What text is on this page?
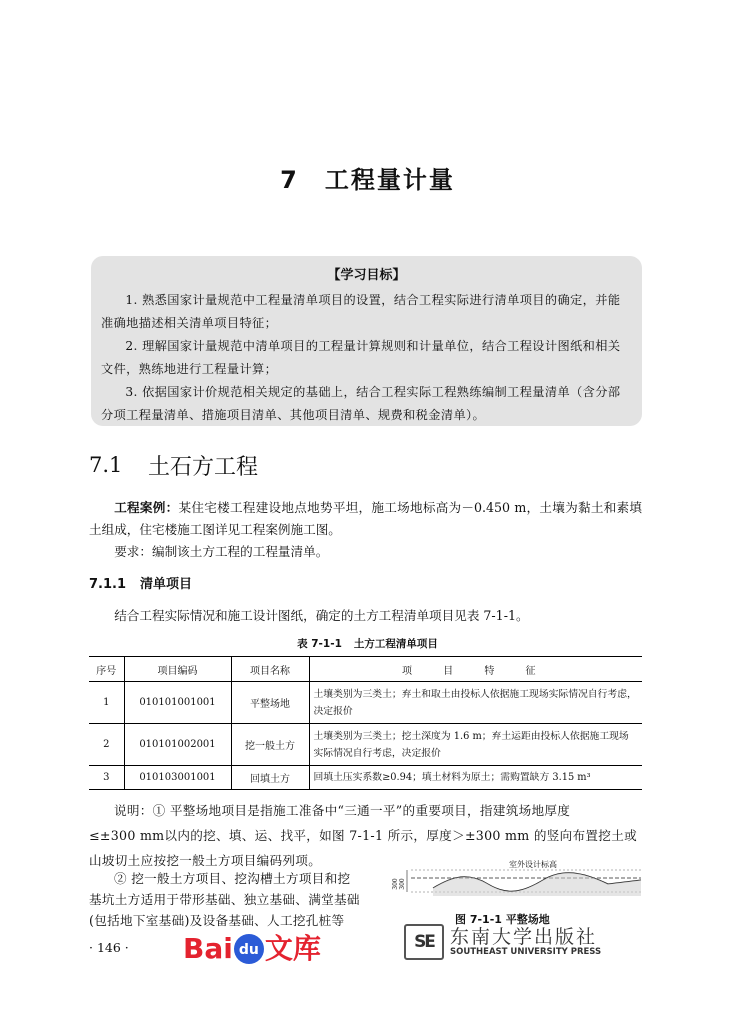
7 工程量计量
【学习目标】
1. 熟悉国家计量规范中工程量清单项目的设置，结合工程实际进行清单项目的确定，并能准确地描述相关清单项目特征；
2. 理解国家计量规范中清单项目的工程量计算规则和计量单位，结合工程设计图纸和相关文件，熟练地进行工程量计算；
3. 依据国家计价规范相关规定的基础上，结合工程实际工程熟练编制工程量清单（含分部分项工程量清单、措施项目清单、其他项目清单、规费和税金清单）。
7.1 土石方工程
工程案例：某住宅楼工程建设地点地势平坦，施工场地标高为－0.450 m，土壤为黏土和素填土组成，住宅楼施工图详见工程案例施工图。
要求：编制该土方工程的工程量清单。
7.1.1 清单项目
结合工程实际情况和施工设计图纸，确定的土方工程清单项目见表 7-1-1。
表 7-1-1 土方工程清单项目
序号	项目编码	项目名称	项 目 特 征
1	010101001001	平整场地	土壤类别为三类土；弃土和取土由投标人依据施工现场实际情况自行考虑，决定报价
2	010101002001	挖一般土方	土壤类别为三类土；挖土深度为 1.6 m；弃土运距由投标人依据施工现场实际情况自行考虑，决定报价
3	010103001001	回填土方	回填土压实系数≥0.94；填土材料为原土；需购置缺方 3.15 m³
说明：① 平整场地项目是指施工准备中“三通一平”的重要项目，指建筑场地厚度
≤±300 mm以内的挖、填、运、找平，如图 7-1-1 所示，厚度＞±300 mm 的竖向布置挖土或
山坡切土应按挖一般土方项目编码列项。
② 挖一般土方项目、挖沟槽土方项目和挖
基坑土方适用于带形基础、独立基础、满堂基础
(包括地下室基础)及设备基础、人工挖孔桩等
300 300
室外设计标高
图 7-1-1 平整场地
· 146 · Bai du 文库	SE 东南大学出版社
SOUTHEAST UNIVERSITY PRESS
